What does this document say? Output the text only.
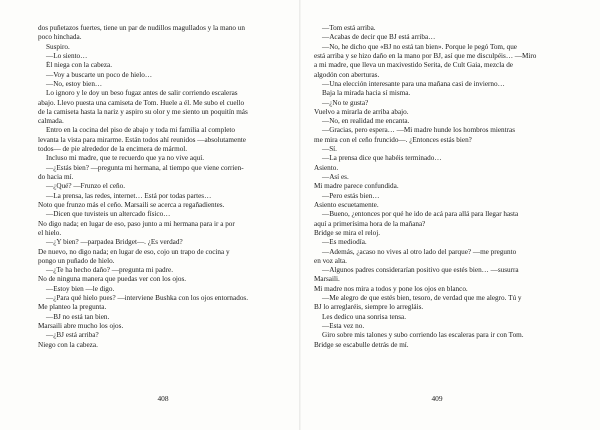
dos puñetazos fuertes, tiene un par de nudillos magullados y la mano un

poco hinchada.

Suspiro.

—Lo siento…

Él niega con la cabeza.

—Voy a buscarte un poco de hielo…

—No, estoy bien…

Lo ignoro y le doy un beso fugaz antes de salir corriendo escaleras

abajo. Llevo puesta una camiseta de Tom. Huele a él. Me subo el cuello

de la camiseta hasta la nariz y aspiro su olor y me siento un poquitín más

calmada.

Entro en la cocina del piso de abajo y toda mi familia al completo

levanta la vista para mirarme. Están todos ahí reunidos —absolutamente

todos— de pie alrededor de la encimera de mármol.

Incluso mi madre, que te recuerdo que ya no vive aquí.

—¿Estás bien? —pregunta mi hermana, al tiempo que viene corrien-

do hacia mí.

—¿Qué? —Frunzo el ceño.

—La prensa, las redes, internet… Está por todas partes…

Noto que frunzo más el ceño. Marsaili se acerca a regañadientes.

—Dicen que tuvisteis un altercado físico…

No digo nada; en lugar de eso, paso junto a mi hermana para ir a por

el hielo.

—¿Y bien? —parpadea Bridget—. ¿Es verdad?

De nuevo, no digo nada; en lugar de eso, cojo un trapo de cocina y

pongo un puñado de hielo.

—¿Te ha hecho daño? —pregunta mi padre.

No de ninguna manera que puedas ver con los ojos.

—Estoy bien —le digo.

—¿Para qué hielo pues? —interviene Bushka con los ojos entornados.

Me planteo la pregunta.

—BJ no está tan bien.

Marsaili abre mucho los ojos.

—¿BJ está arriba?

Niego con la cabeza.

408

—Tom está arriba.

—Acabas de decir que BJ está arriba…

—No, he dicho que «BJ no está tan bien». Porque le pegó Tom, que

está arriba y se hizo daño en la mano por BJ, así que me disculpéis… —Miro

a mi madre, que lleva un maxivestido Serita, de Cult Gaia, mezcla de

algodón con aberturas.

—Una elección interesante para una mañana casi de invierno…

Baja la mirada hacia sí misma.

—¿No te gusta?

Vuelvo a mirarla de arriba abajo.

—No, en realidad me encanta.

—Gracias, pero espera… —Mi madre hunde los hombros mientras

me mira con el ceño fruncido—. ¿Entonces estás bien?

—Sí.

—La prensa dice que habéis terminado…

Asiento.

—Así es.

Mi madre parece confundida.

—Pero estás bien…

Asiento escuetamente.

—Bueno, ¿entonces por qué he ido de acá para allá para llegar hasta

aquí a primerísima hora de la mañana?

Bridge se mira el reloj.

—Es mediodía.

—Además, ¿acaso no vives al otro lado del parque? —me pregunto

en voz alta.

—Algunos padres considerarían positivo que estés bien… —susurra

Marsaili.

Mi madre nos mira a todos y pone los ojos en blanco.

—Me alegro de que estés bien, tesoro, de verdad que me alegro. Tú y

BJ lo arreglaréis, siempre lo arregláis.

Les dedico una sonrisa tensa.

—Esta vez no.

Giro sobre mis talones y subo corriendo las escaleras para ir con Tom.

Bridge se escabulle detrás de mí.

409
